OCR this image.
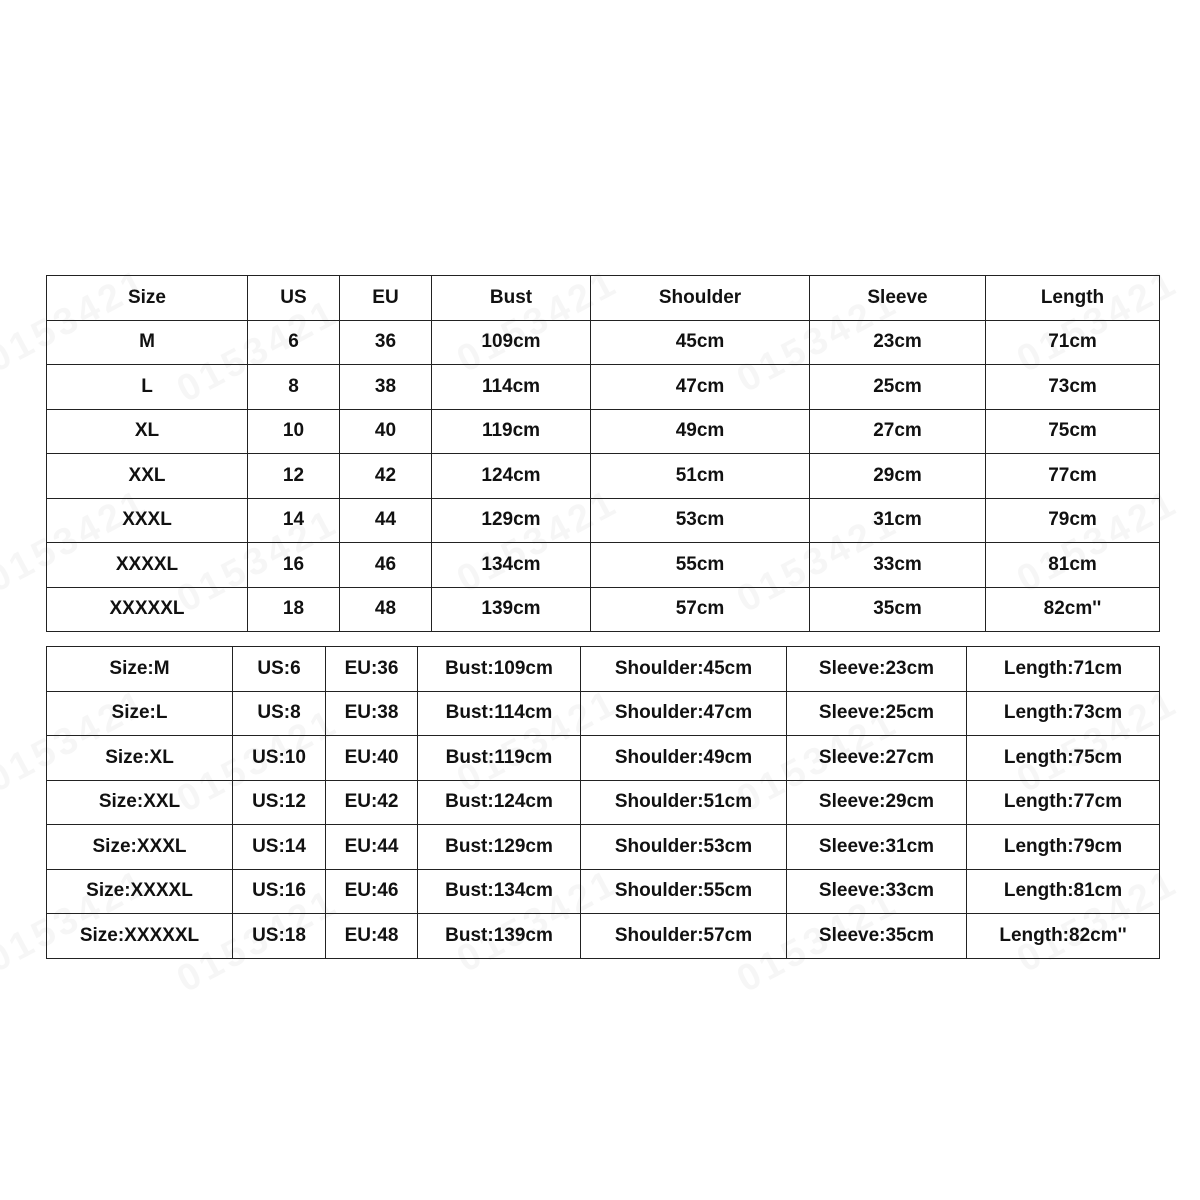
Size	US	EU	Bust	Shoulder	Sleeve	Length
M	6	36	109cm	45cm	23cm	71cm
L	8	38	114cm	47cm	25cm	73cm
XL	10	40	119cm	49cm	27cm	75cm
XXL	12	42	124cm	51cm	29cm	77cm
XXXL	14	44	129cm	53cm	31cm	79cm
XXXXL	16	46	134cm	55cm	33cm	81cm
XXXXXL	18	48	139cm	57cm	35cm	82cm''
Size:M	US:6	EU:36	Bust:109cm	Shoulder:45cm	Sleeve:23cm	Length:71cm
Size:L	US:8	EU:38	Bust:114cm	Shoulder:47cm	Sleeve:25cm	Length:73cm
Size:XL	US:10	EU:40	Bust:119cm	Shoulder:49cm	Sleeve:27cm	Length:75cm
Size:XXL	US:12	EU:42	Bust:124cm	Shoulder:51cm	Sleeve:29cm	Length:77cm
Size:XXXL	US:14	EU:44	Bust:129cm	Shoulder:53cm	Sleeve:31cm	Length:79cm
Size:XXXXL	US:16	EU:46	Bust:134cm	Shoulder:55cm	Sleeve:33cm	Length:81cm
Size:XXXXXL	US:18	EU:48	Bust:139cm	Shoulder:57cm	Sleeve:35cm	Length:82cm''
